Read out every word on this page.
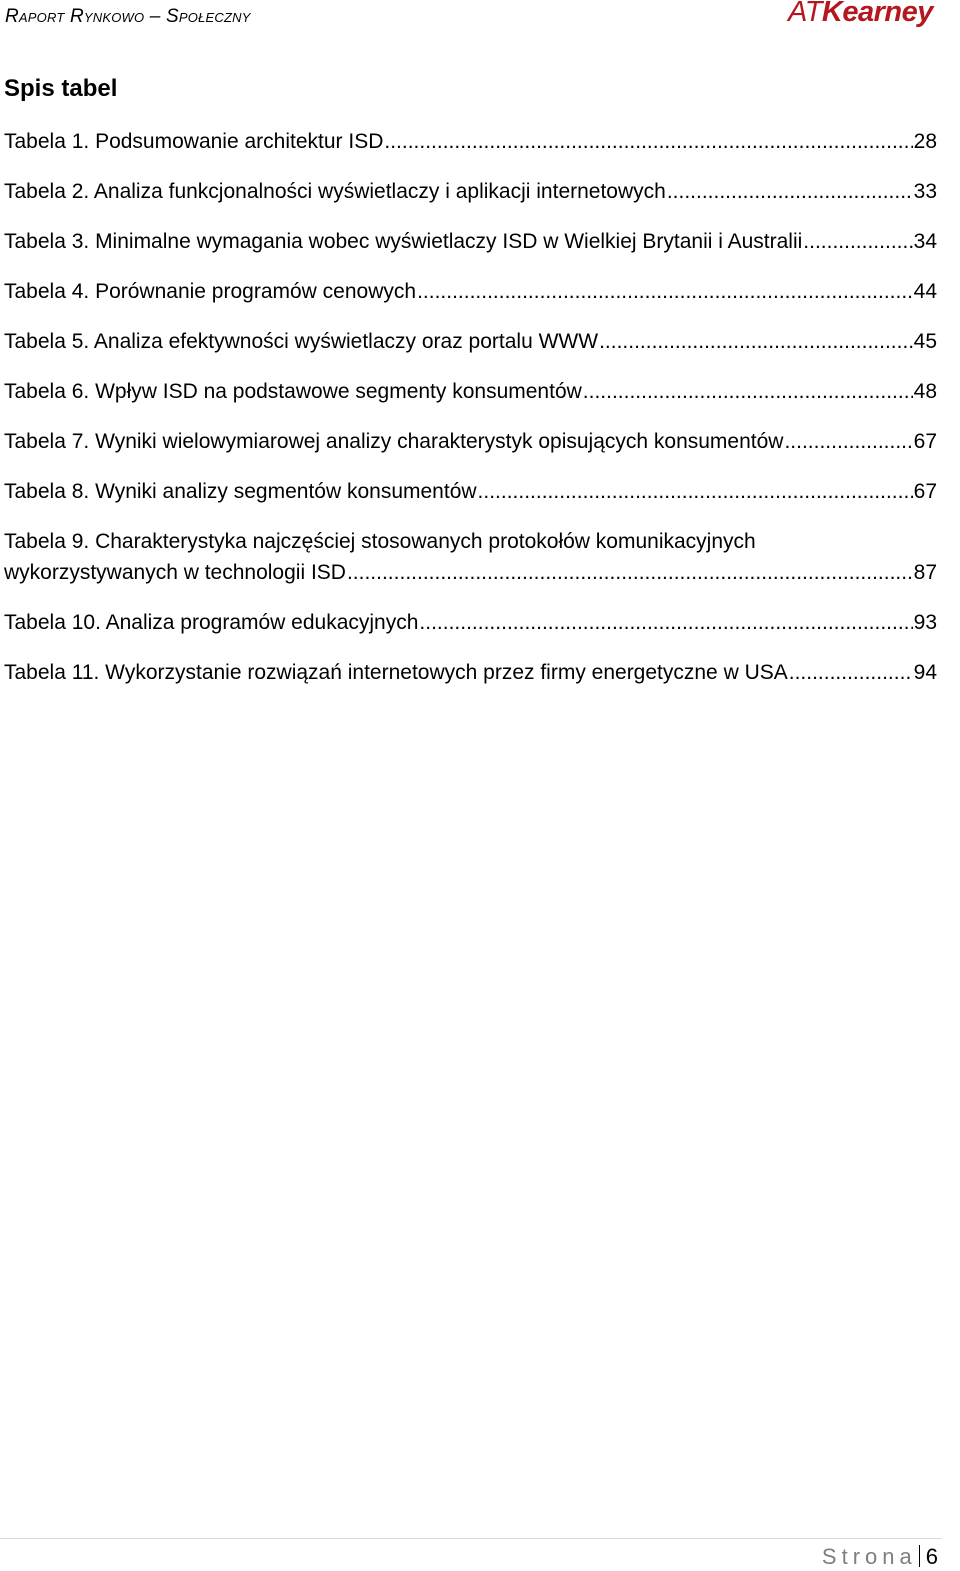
Raport Rynkowo – Społeczny	ATKearney
Spis tabel
Tabela 1. Podsumowanie architektur ISD .....	28
Tabela 2. Analiza funkcjonalności wyświetlaczy i aplikacji internetowych .....	33
Tabela 3. Minimalne wymagania wobec wyświetlaczy ISD w Wielkiej Brytanii i Australii .....	34
Tabela 4. Porównanie programów cenowych .....	44
Tabela 5. Analiza efektywności wyświetlaczy oraz portalu WWW .....	45
Tabela 6. Wpływ ISD na podstawowe segmenty konsumentów .....	48
Tabela 7. Wyniki wielowymiarowej analizy charakterystyk opisujących konsumentów .....	67
Tabela 8. Wyniki analizy segmentów konsumentów .....	67
Tabela 9. Charakterystyka najczęściej stosowanych protokołów komunikacyjnych
wykorzystywanych w technologii ISD .....	87
Tabela 10. Analiza programów edukacyjnych .....	93
Tabela 11. Wykorzystanie rozwiązań internetowych przez firmy energetyczne w USA .....	94
Strona 6
